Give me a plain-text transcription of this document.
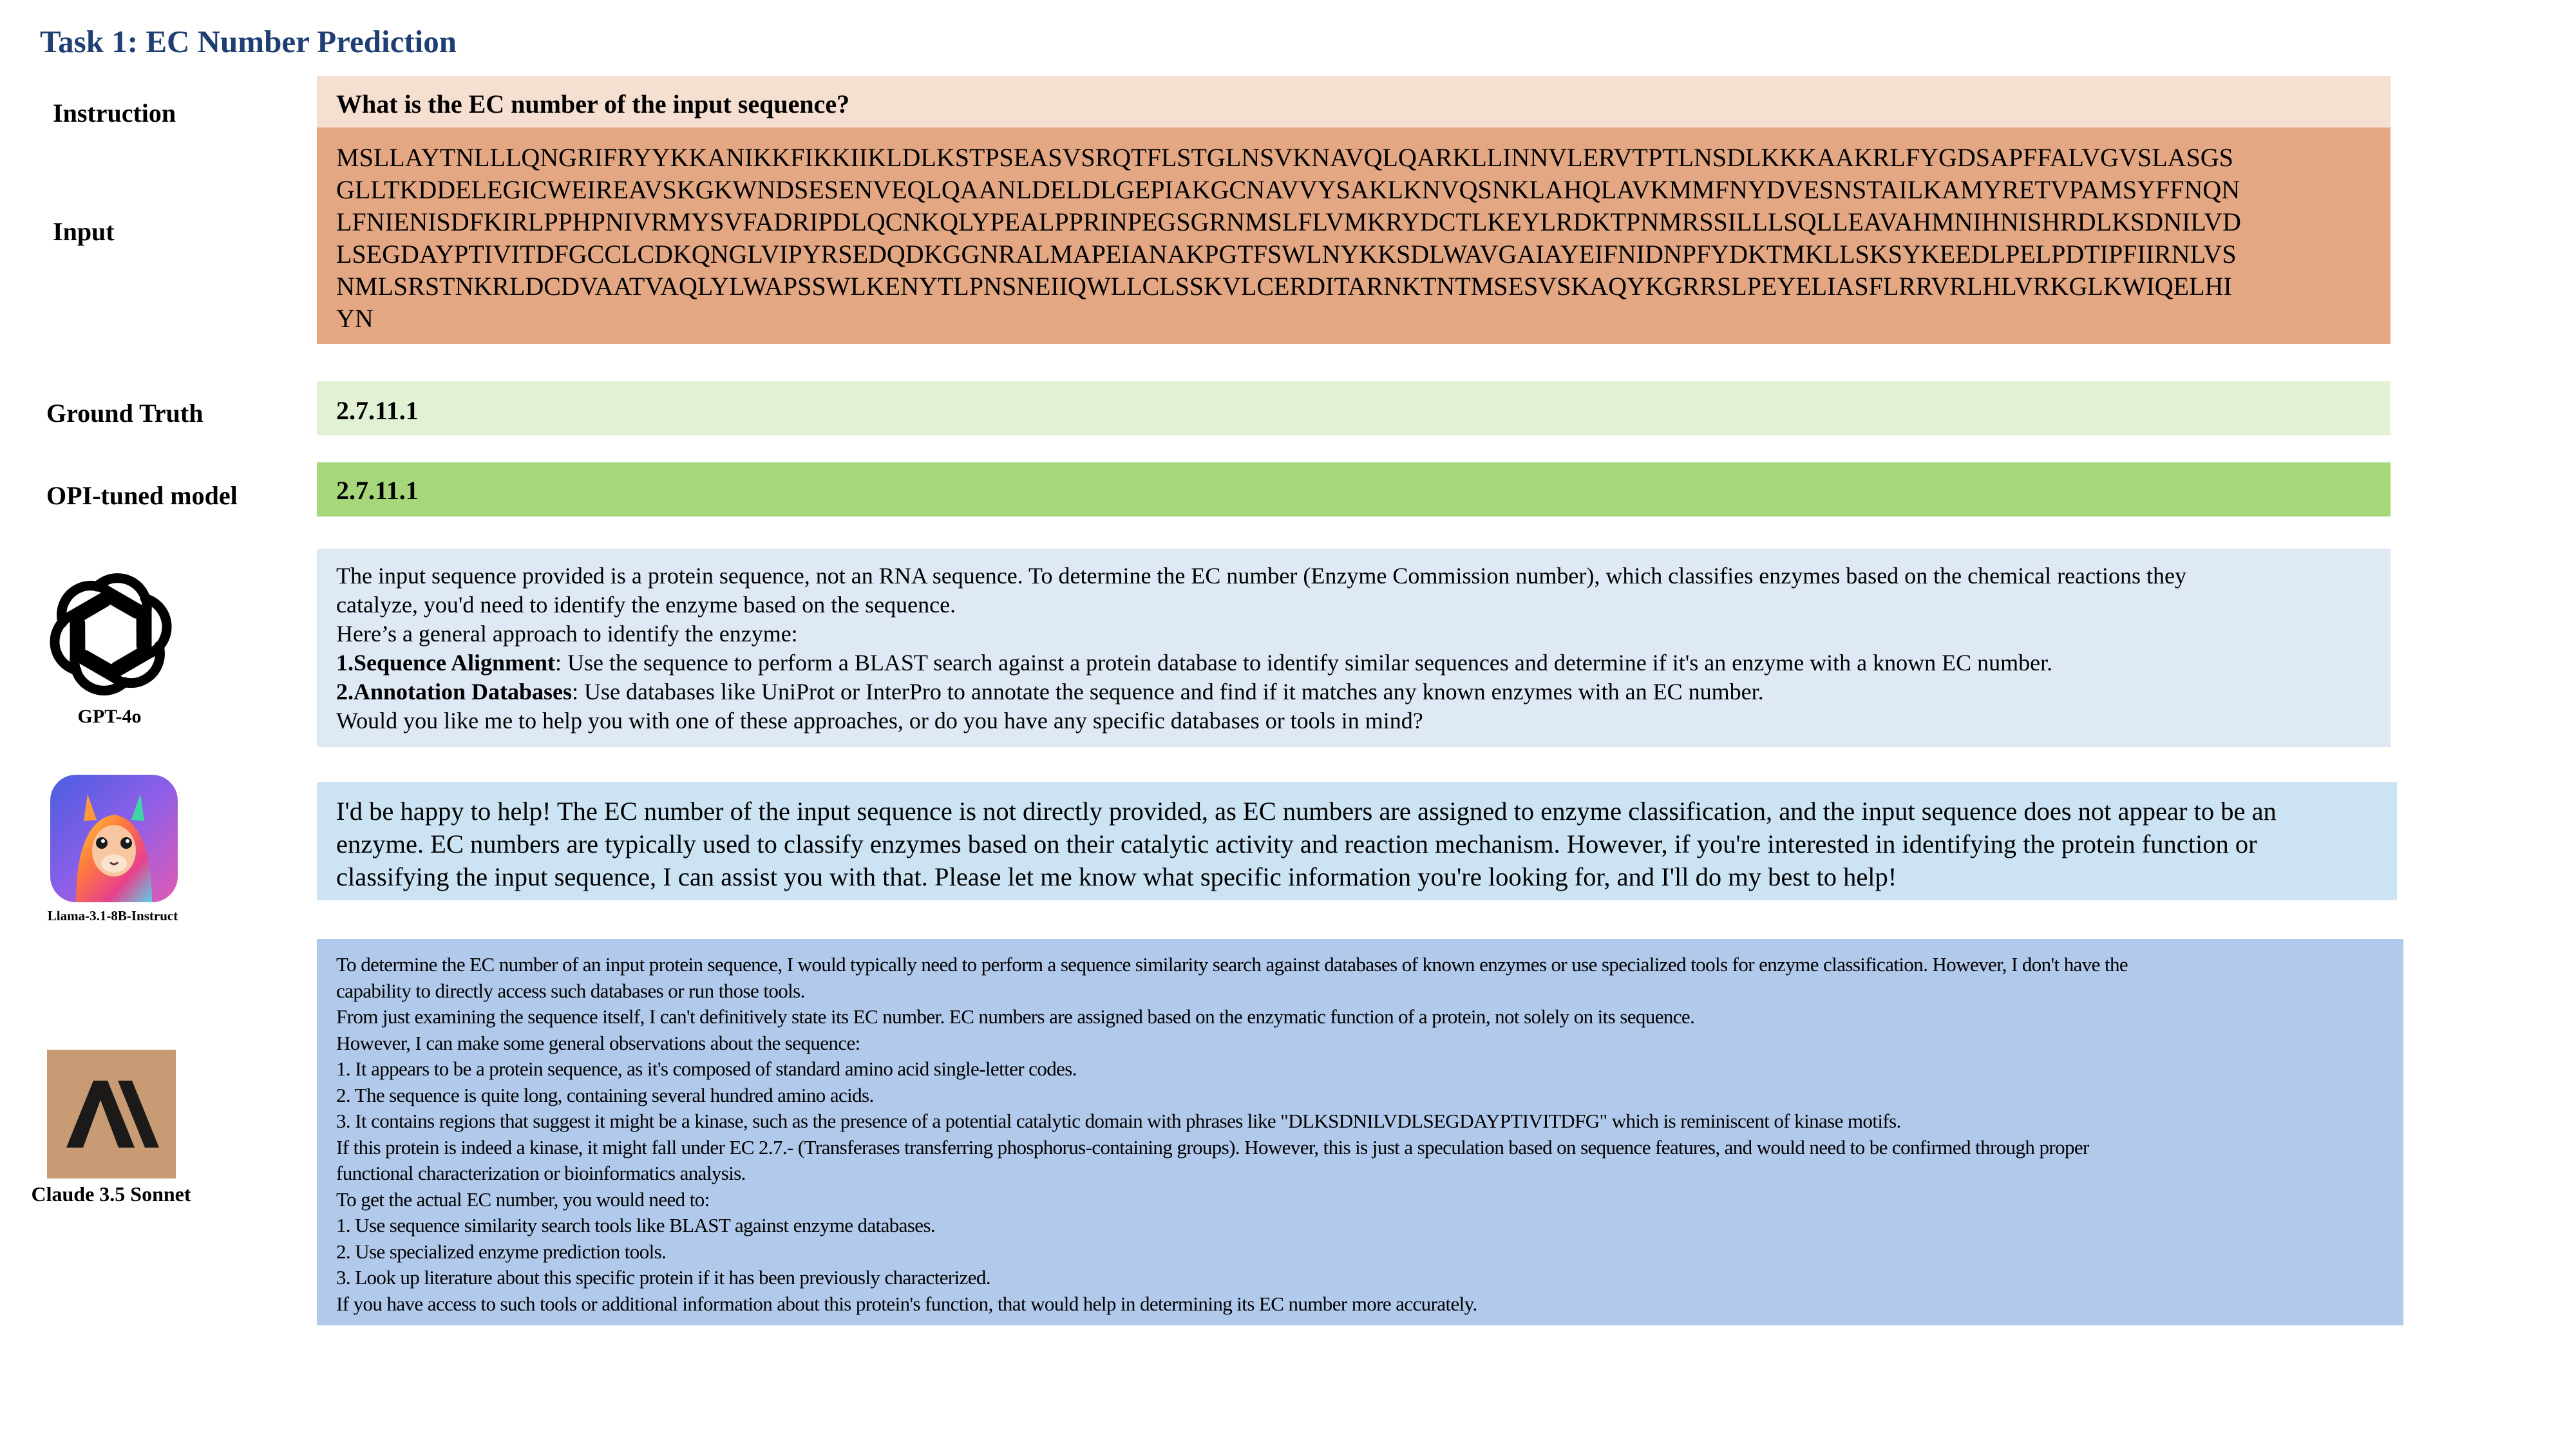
Task 1: EC Number Prediction
Instruction
Input
Ground Truth
OPI-tuned model
What is the EC number of the input sequence?
MSLLAYTNLLLQNGRIFRYYKKANIKKFIKKIIKLDLKSTPSEASVSRQTFLSTGLNSVKNAVQLQARKLLINNVLERVTPTLNSDLKKKAAKRLFYGDSAPFFALVGVSLASGS
GLLTKDDELEGICWEIREAVSKGKWNDSESENVEQLQAANLDELDLGEPIAKGCNAVVYSAKLKNVQSNKLAHQLAVKMMFNYDVESNSTAILKAMYRETVPAMSYFFNQN
LFNIENISDFKIRLPPHPNIVRMYSVFADRIPDLQCNKQLYPEALPPRINPEGSGRNMSLFLVMKRYDCTLKEYLRDKTPNMRSSILLLSQLLEAVAHMNIHNISHRDLKSDNILVD
LSEGDAYPTIVITDFGCCLCDKQNGLVIPYRSEDQDKGGNRALMAPEIANAKPGTFSWLNYKKSDLWAVGAIAYEIFNIDNPFYDKTMKLLSKSYKEEDLPELPDTIPFIIRNLVS
NMLSRSTNKRLDCDVAATVAQLYLWAPSSWLKENYTLPNSNEIIQWLLCLSSKVLCERDITARNKTNTMSESVSKAQYKGRRSLPEYELIASFLRRVRLHLVRKGLKWIQELHI
YN
2.7.11.1
2.7.11.1
GPT-4o
The input sequence provided is a protein sequence, not an RNA sequence. To determine the EC number (Enzyme Commission number), which classifies enzymes based on the chemical reactions they
catalyze, you'd need to identify the enzyme based on the sequence.
Here’s a general approach to identify the enzyme:
1.Sequence Alignment: Use the sequence to perform a BLAST search against a protein database to identify similar sequences and determine if it's an enzyme with a known EC number.
2.Annotation Databases: Use databases like UniProt or InterPro to annotate the sequence and find if it matches any known enzymes with an EC number.
Would you like me to help you with one of these approaches, or do you have any specific databases or tools in mind?
Llama-3.1-8B-Instruct
I'd be happy to help! The EC number of the input sequence is not directly provided, as EC numbers are assigned to enzyme classification, and the input sequence does not appear to be an
enzyme. EC numbers are typically used to classify enzymes based on their catalytic activity and reaction mechanism. However, if you're interested in identifying the protein function or
classifying the input sequence, I can assist you with that. Please let me know what specific information you're looking for, and I'll do my best to help!
Claude 3.5 Sonnet
To determine the EC number of an input protein sequence, I would typically need to perform a sequence similarity search against databases of known enzymes or use specialized tools for enzyme classification. However, I don't have the
capability to directly access such databases or run those tools.
From just examining the sequence itself, I can't definitively state its EC number. EC numbers are assigned based on the enzymatic function of a protein, not solely on its sequence.
However, I can make some general observations about the sequence:
1. It appears to be a protein sequence, as it's composed of standard amino acid single-letter codes.
2. The sequence is quite long, containing several hundred amino acids.
3. It contains regions that suggest it might be a kinase, such as the presence of a potential catalytic domain with phrases like "DLKSDNILVDLSEGDAYPTIVITDFG" which is reminiscent of kinase motifs.
If this protein is indeed a kinase, it might fall under EC 2.7.- (Transferases transferring phosphorus-containing groups). However, this is just a speculation based on sequence features, and would need to be confirmed through proper
functional characterization or bioinformatics analysis.
To get the actual EC number, you would need to:
1. Use sequence similarity search tools like BLAST against enzyme databases.
2. Use specialized enzyme prediction tools.
3. Look up literature about this specific protein if it has been previously characterized.
If you have access to such tools or additional information about this protein's function, that would help in determining its EC number more accurately.
